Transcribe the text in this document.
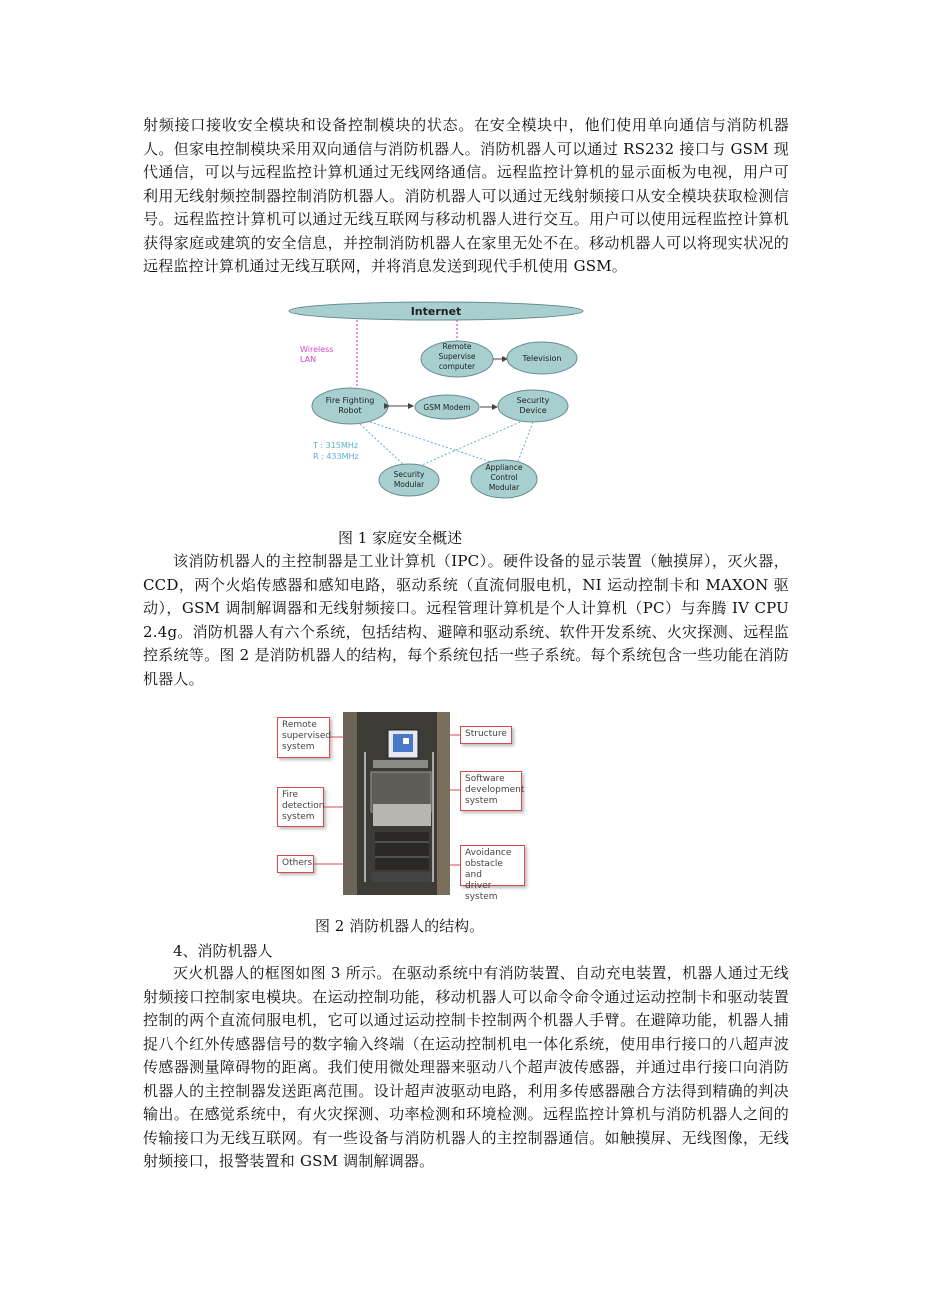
射频接口接收安全模块和设备控制模块的状态。在安全模块中，他们使用单向通信与消防机器人。但家电控制模块采用双向通信与消防机器人。消防机器人可以通过 RS232 接口与 GSM 现代通信，可以与远程监控计算机通过无线网络通信。远程监控计算机的显示面板为电视，用户可利用无线射频控制器控制消防机器人。消防机器人可以通过无线射频接口从安全模块获取检测信号。远程监控计算机可以通过无线互联网与移动机器人进行交互。用户可以使用远程监控计算机获得家庭或建筑的安全信息，并控制消防机器人在家里无处不在。移动机器人可以将现实状况的远程监控计算机通过无线互联网，并将消息发送到现代手机使用 GSM。

Internet
Wireless
LAN
Remote
Supervise
computer
Television
Fire Fighting
Robot	GSM Modem
Security
Device
T : 315MHz
R : 433MHz
Security
Modular
Appliance
Control
Modular

图 1 家庭安全概述

该消防机器人的主控制器是工业计算机（IPC）。硬件设备的显示装置（触摸屏），灭火器，CCD，两个火焰传感器和感知电路，驱动系统（直流伺服电机，NI 运动控制卡和 MAXON 驱动），GSM 调制解调器和无线射频接口。远程管理计算机是个人计算机（PC）与奔腾 IV CPU 2.4g。消防机器人有六个系统，包括结构、避障和驱动系统、软件开发系统、火灾探测、远程监控系统等。图 2 是消防机器人的结构，每个系统包括一些子系统。每个系统包含一些功能在消防机器人。

Remote
supervised
system
Fire
detection
system
Others
Structure
Software
development
system
Avoidance
obstacle and
driver system

图 2 消防机器人的结构。

4、消防机器人

灭火机器人的框图如图 3 所示。在驱动系统中有消防装置、自动充电装置，机器人通过无线射频接口控制家电模块。在运动控制功能，移动机器人可以命令命令通过运动控制卡和驱动装置控制的两个直流伺服电机，它可以通过运动控制卡控制两个机器人手臂。在避障功能，机器人捕捉八个红外传感器信号的数字输入终端（在运动控制机电一体化系统，使用串行接口的八超声波传感器测量障碍物的距离。我们使用微处理器来驱动八个超声波传感器，并通过串行接口向消防机器人的主控制器发送距离范围。设计超声波驱动电路，利用多传感器融合方法得到精确的判决输出。在感觉系统中，有火灾探测、功率检测和环境检测。远程监控计算机与消防机器人之间的传输接口为无线互联网。有一些设备与消防机器人的主控制器通信。如触摸屏、无线图像，无线射频接口，报警装置和 GSM 调制解调器。
